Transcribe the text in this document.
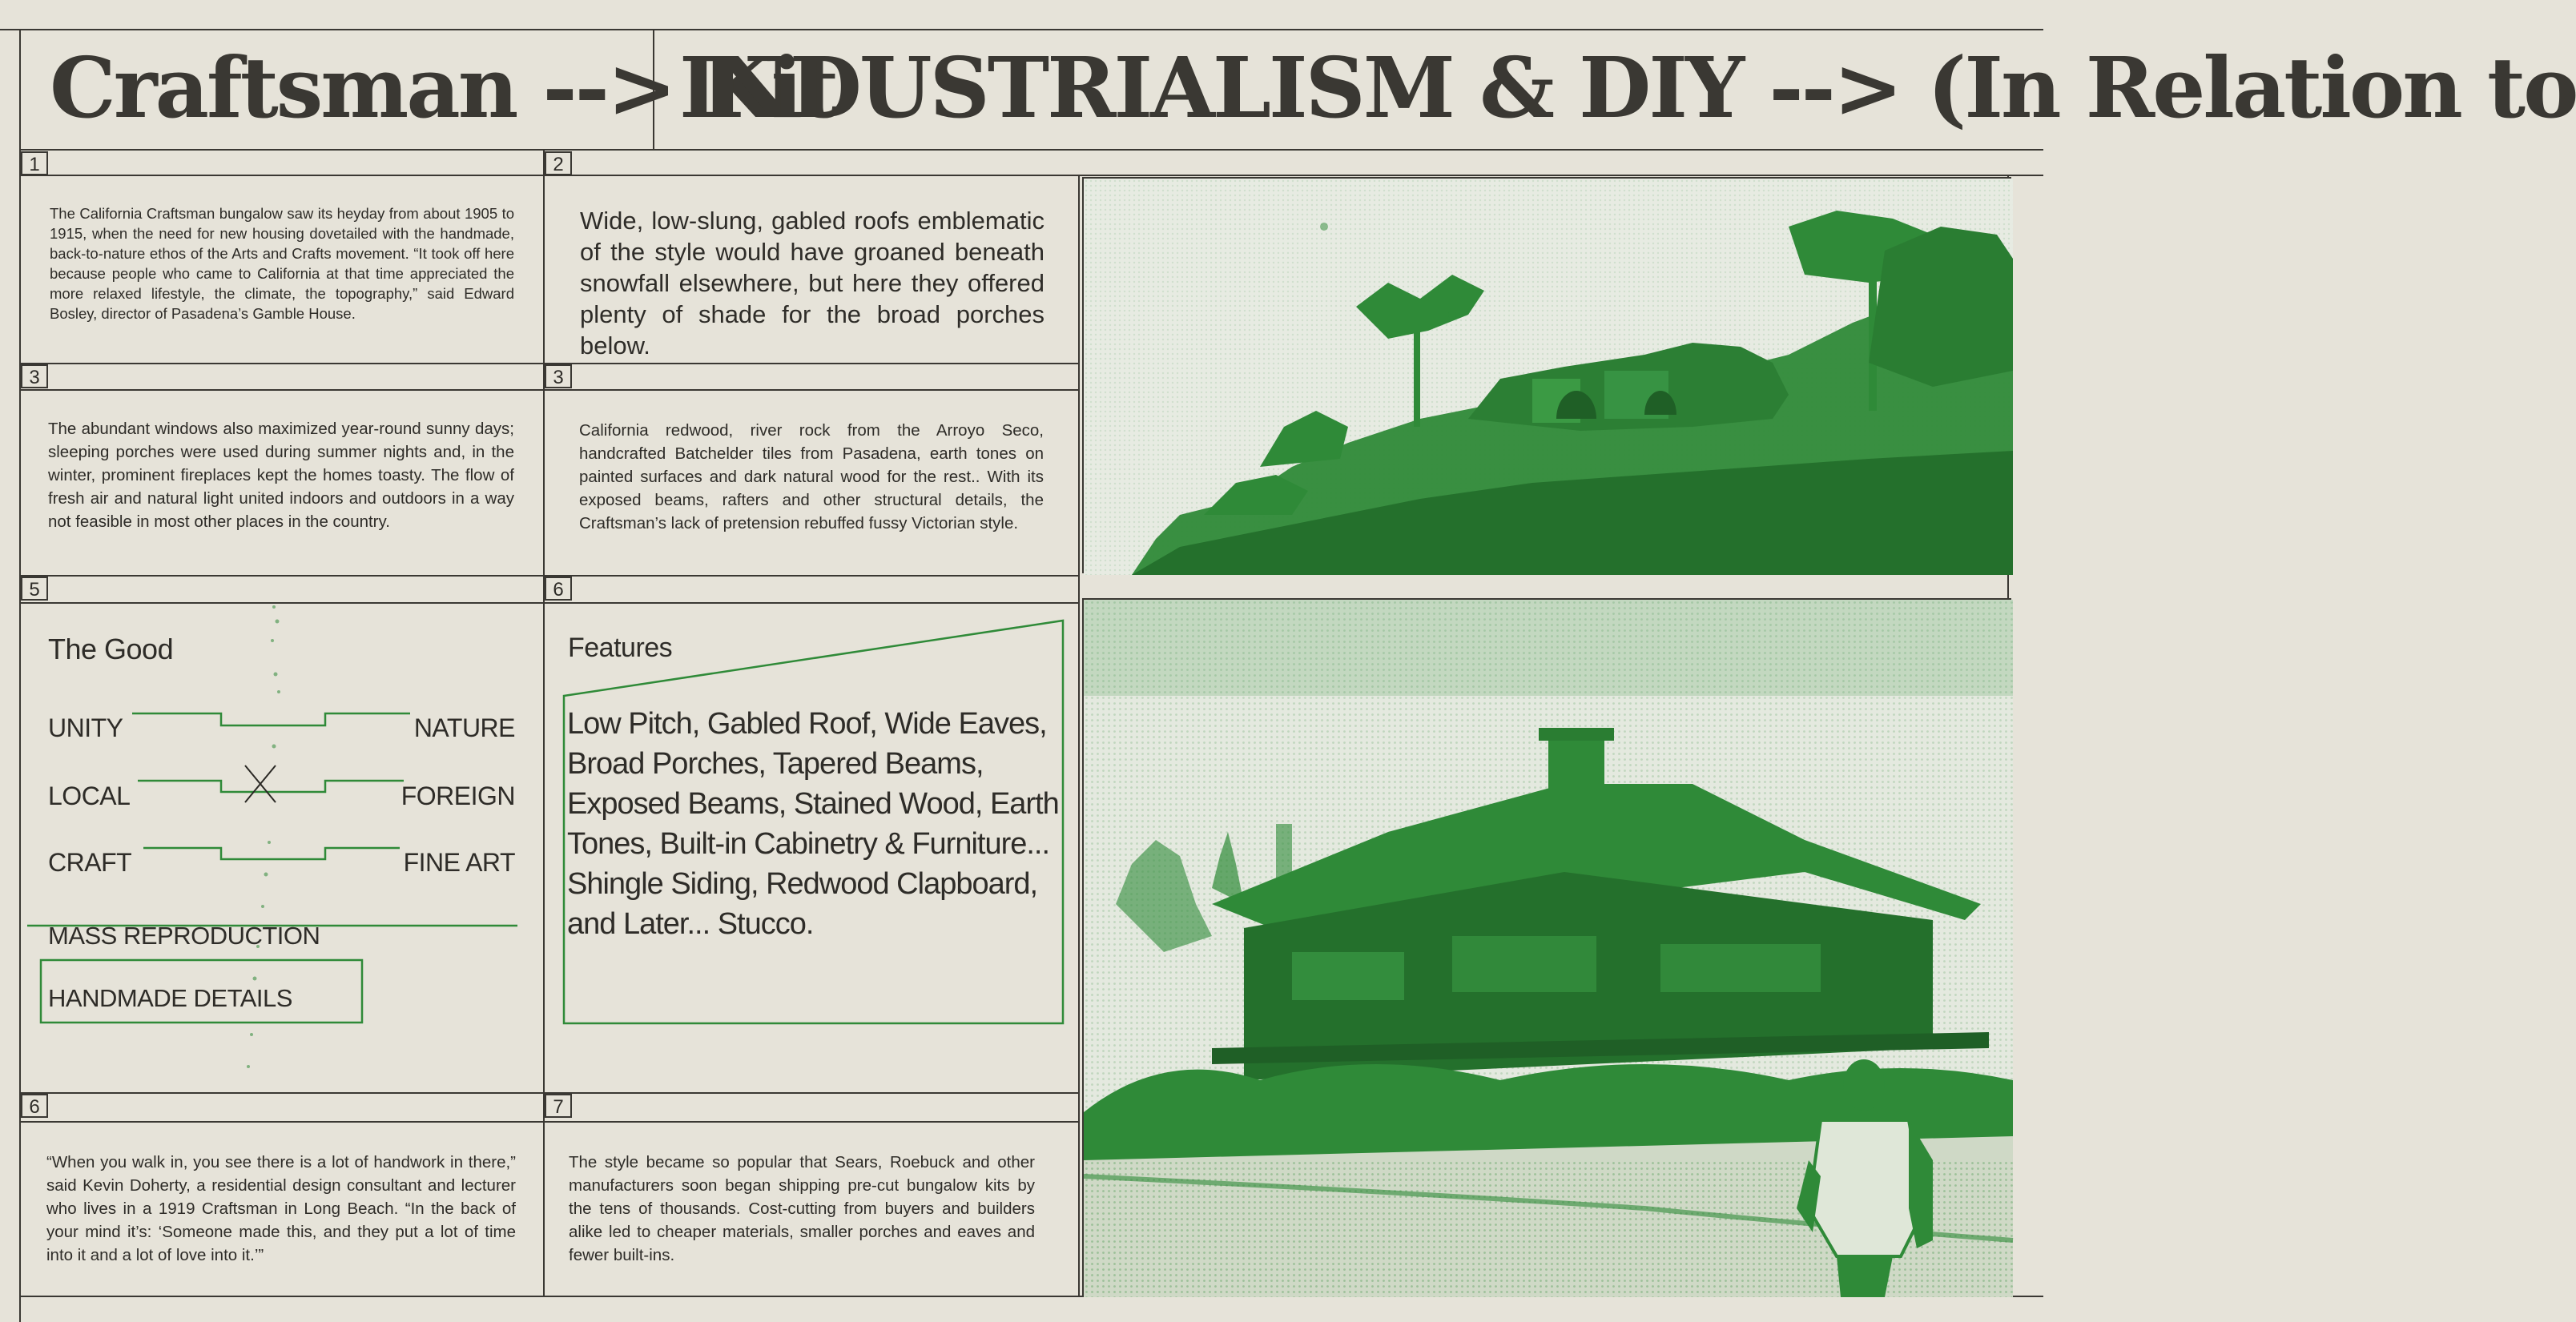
Craftsman --> Kit
INDUSTRIALISM & DIY --> (In Relation to
1
The California Craftsman bungalow saw its heyday from about 1905 to 1915, when the need for new housing dovetailed with the handmade, back-to-nature ethos of the Arts and Crafts movement. “It took off here because people who came to California at that time appreciated the more relaxed lifestyle, the climate, the topography,” said Edward Bosley, director of Pasadena’s Gamble House.
2
Wide, low-slung, gabled roofs emblematic of the style would have groaned beneath snowfall elsewhere, but here they offered plenty of shade for the broad porches below.
3
The abundant windows also maximized year-round sunny days; sleeping porches were used during summer nights and, in the winter, prominent fireplaces kept the homes toasty. The flow of fresh air and natural light united indoors and outdoors in a way not feasible in most other places in the country.
3
California redwood, river rock from the Arroyo Seco, handcrafted Batchelder tiles from Pasadena, earth tones on painted surfaces and dark natural wood for the rest.. With its exposed beams, rafters and other structural details, the Craftsman’s lack of pretension rebuffed fussy Victorian style.
5
The Good
UNITY
LOCAL
CRAFT
NATURE
FOREIGN
FINE ART
MASS REPRODUCTION
HANDMADE DETAILS
6
Features
Low Pitch, Gabled Roof, Wide Eaves, Broad Porches, Tapered Beams, Exposed Beams, Stained Wood, Earth Tones, Built-in Cabinetry & Furniture... Shingle Siding, Redwood Clapboard, and Later... Stucco.
6
“When you walk in, you see there is a lot of handwork in there,” said Kevin Doherty, a residential design consultant and lecturer who lives in a 1919 Craftsman in Long Beach. “In the back of your mind it’s: ‘Someone made this, and they put a lot of time into it and a lot of love into it.’”
7
The style became so popular that Sears, Roebuck and other manufacturers soon began shipping pre-cut bungalow kits by the tens of thousands. Cost-cutting from buyers and builders alike led to cheaper materials, smaller porches and eaves and fewer built-ins.
